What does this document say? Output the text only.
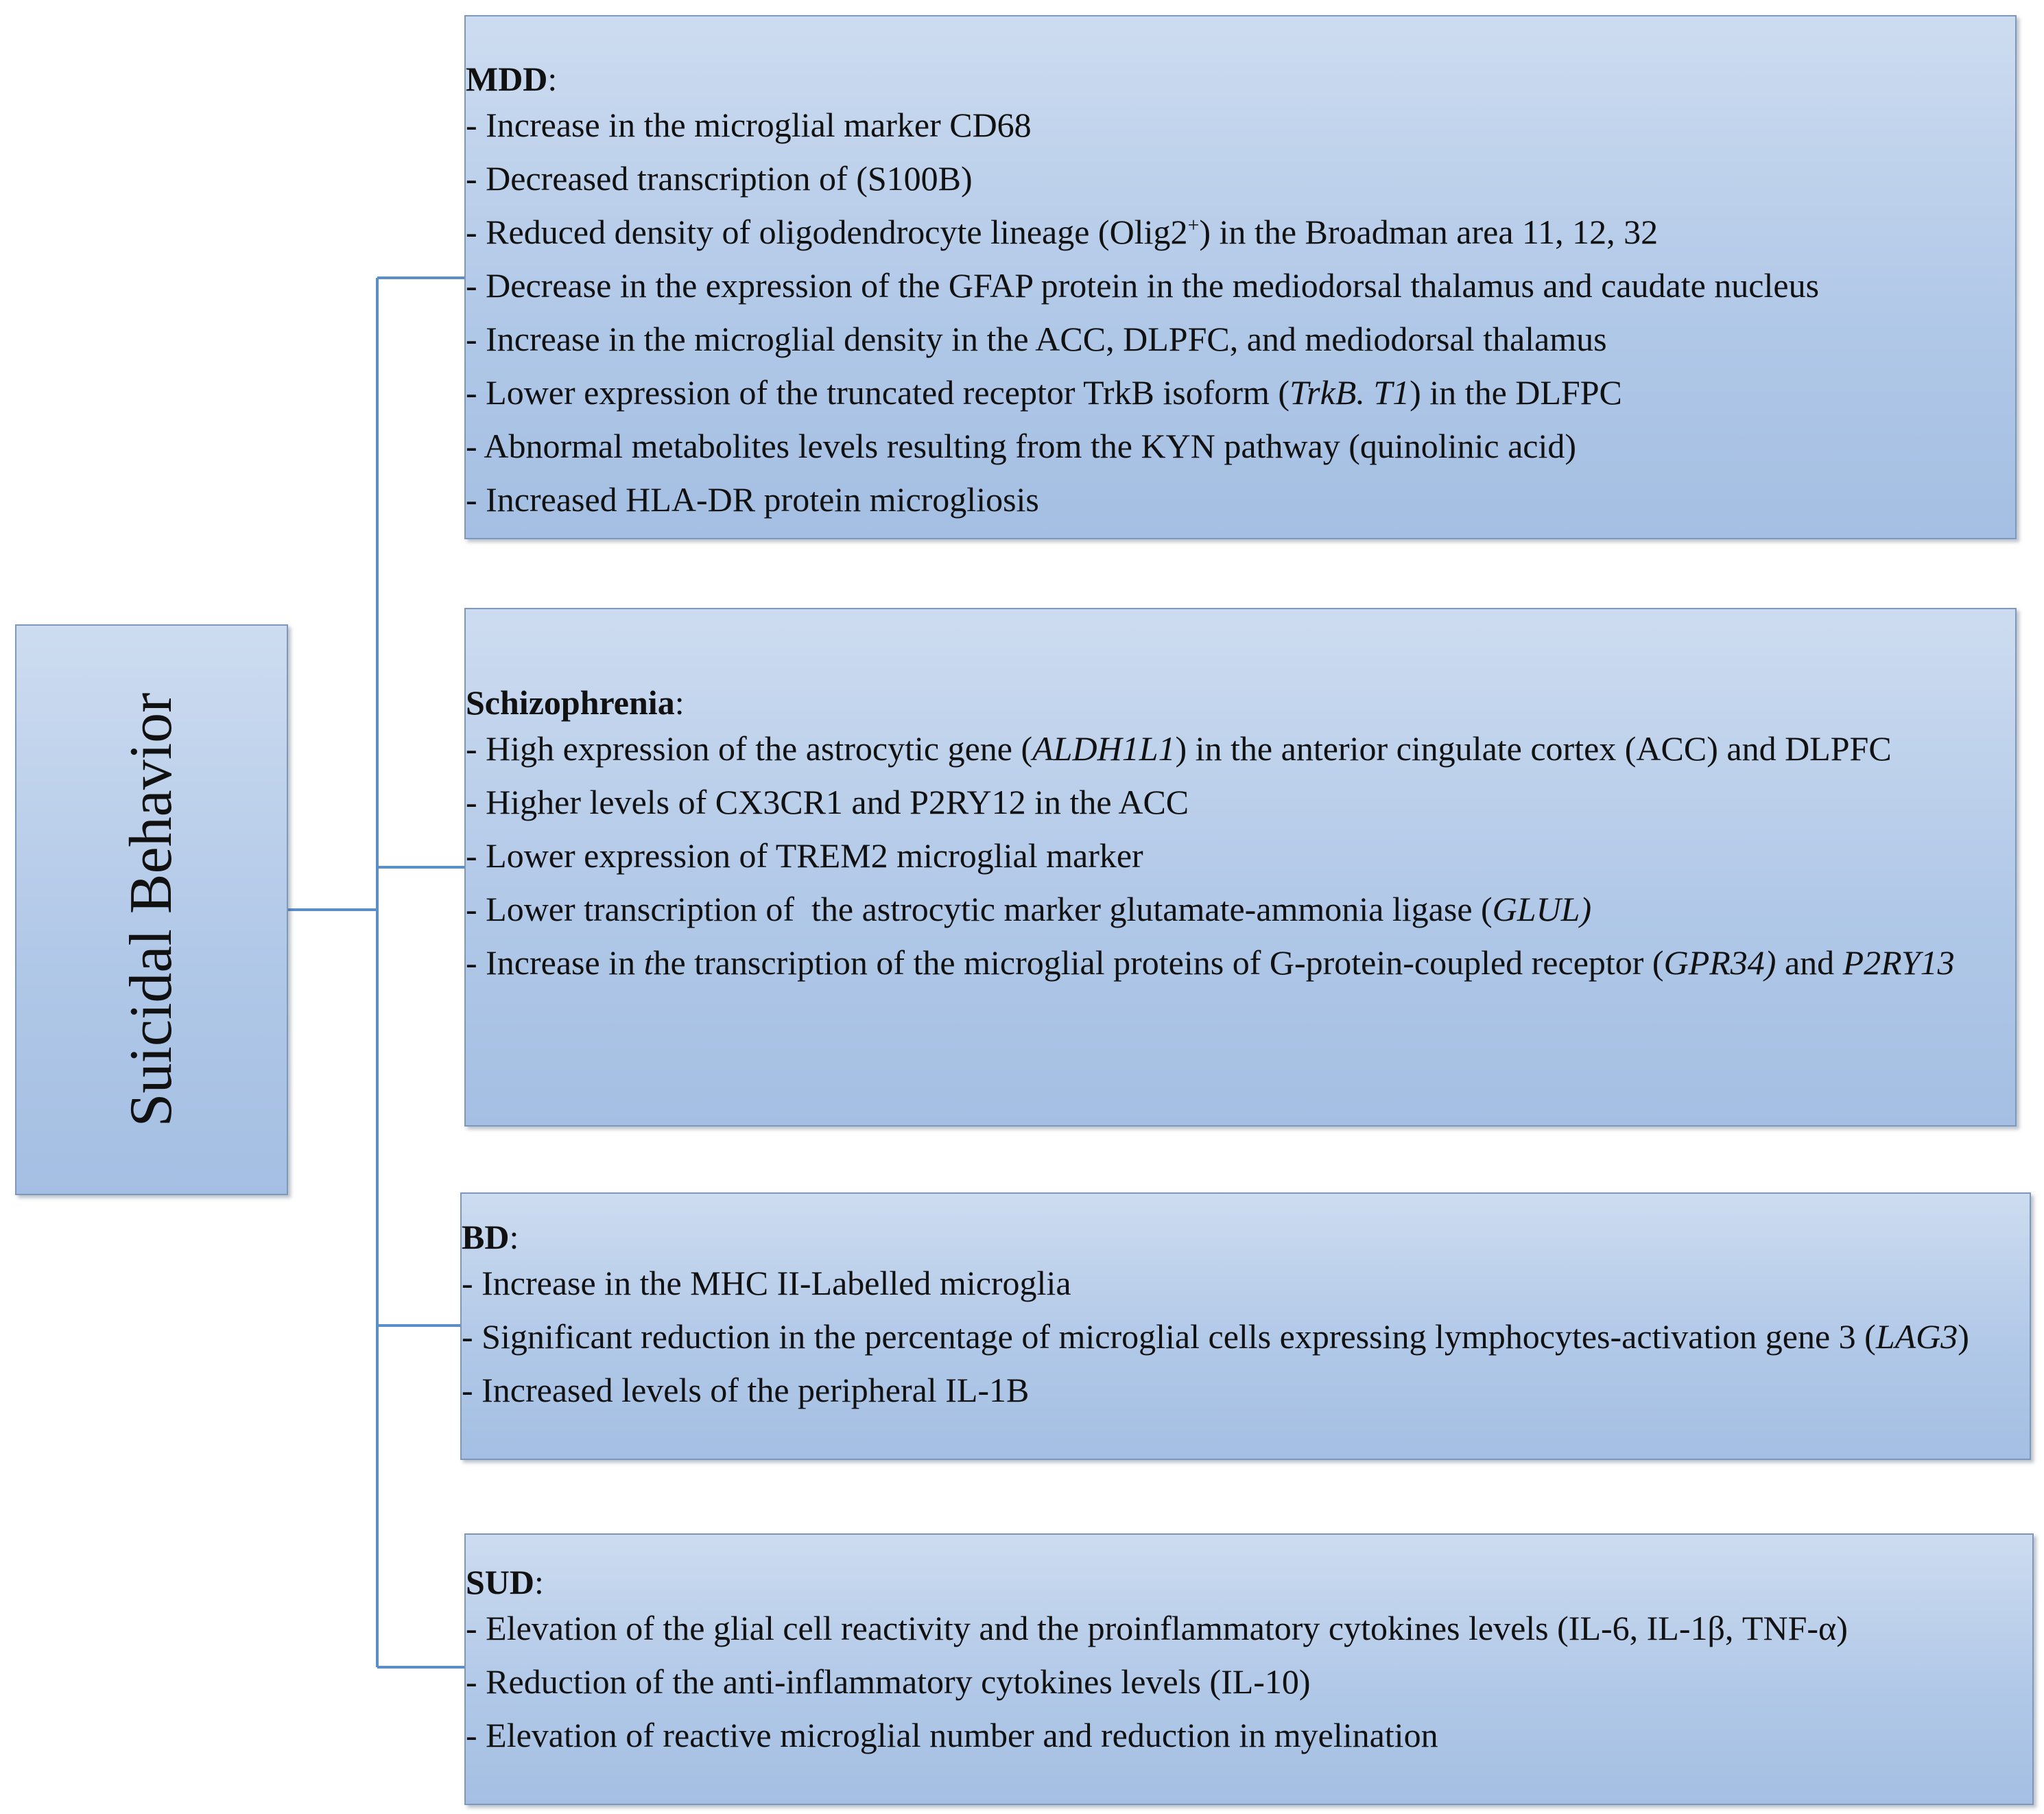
Suicidal Behavior
MDD:
- Increase in the microglial marker CD68
- Decreased transcription of (S100B)
- Reduced density of oligodendrocyte lineage (Olig2+) in the Broadman area 11, 12, 32
- Decrease in the expression of the GFAP protein in the mediodorsal thalamus and caudate nucleus
- Increase in the microglial density in the ACC, DLPFC, and mediodorsal thalamus
- Lower expression of the truncated receptor TrkB isoform (TrkB. T1) in the DLFPC
- Abnormal metabolites levels resulting from the KYN pathway (quinolinic acid)
- Increased HLA-DR protein microgliosis
Schizophrenia:
- High expression of the astrocytic gene (ALDH1L1) in the anterior cingulate cortex (ACC) and DLPFC
- Higher levels of CX3CR1 and P2RY12 in the ACC
- Lower expression of TREM2 microglial marker
- Lower transcription of  the astrocytic marker glutamate-ammonia ligase (GLUL)
- Increase in the transcription of the microglial proteins of G-protein-coupled receptor (GPR34) and P2RY13
BD:
- Increase in the MHC II-Labelled microglia
- Significant reduction in the percentage of microglial cells expressing lymphocytes-activation gene 3 (LAG3)
- Increased levels of the peripheral IL-1B
SUD:
- Elevation of the glial cell reactivity and the proinflammatory cytokines levels (IL-6, IL-1β, TNF-α)
- Reduction of the anti-inflammatory cytokines levels (IL-10)
- Elevation of reactive microglial number and reduction in myelination
